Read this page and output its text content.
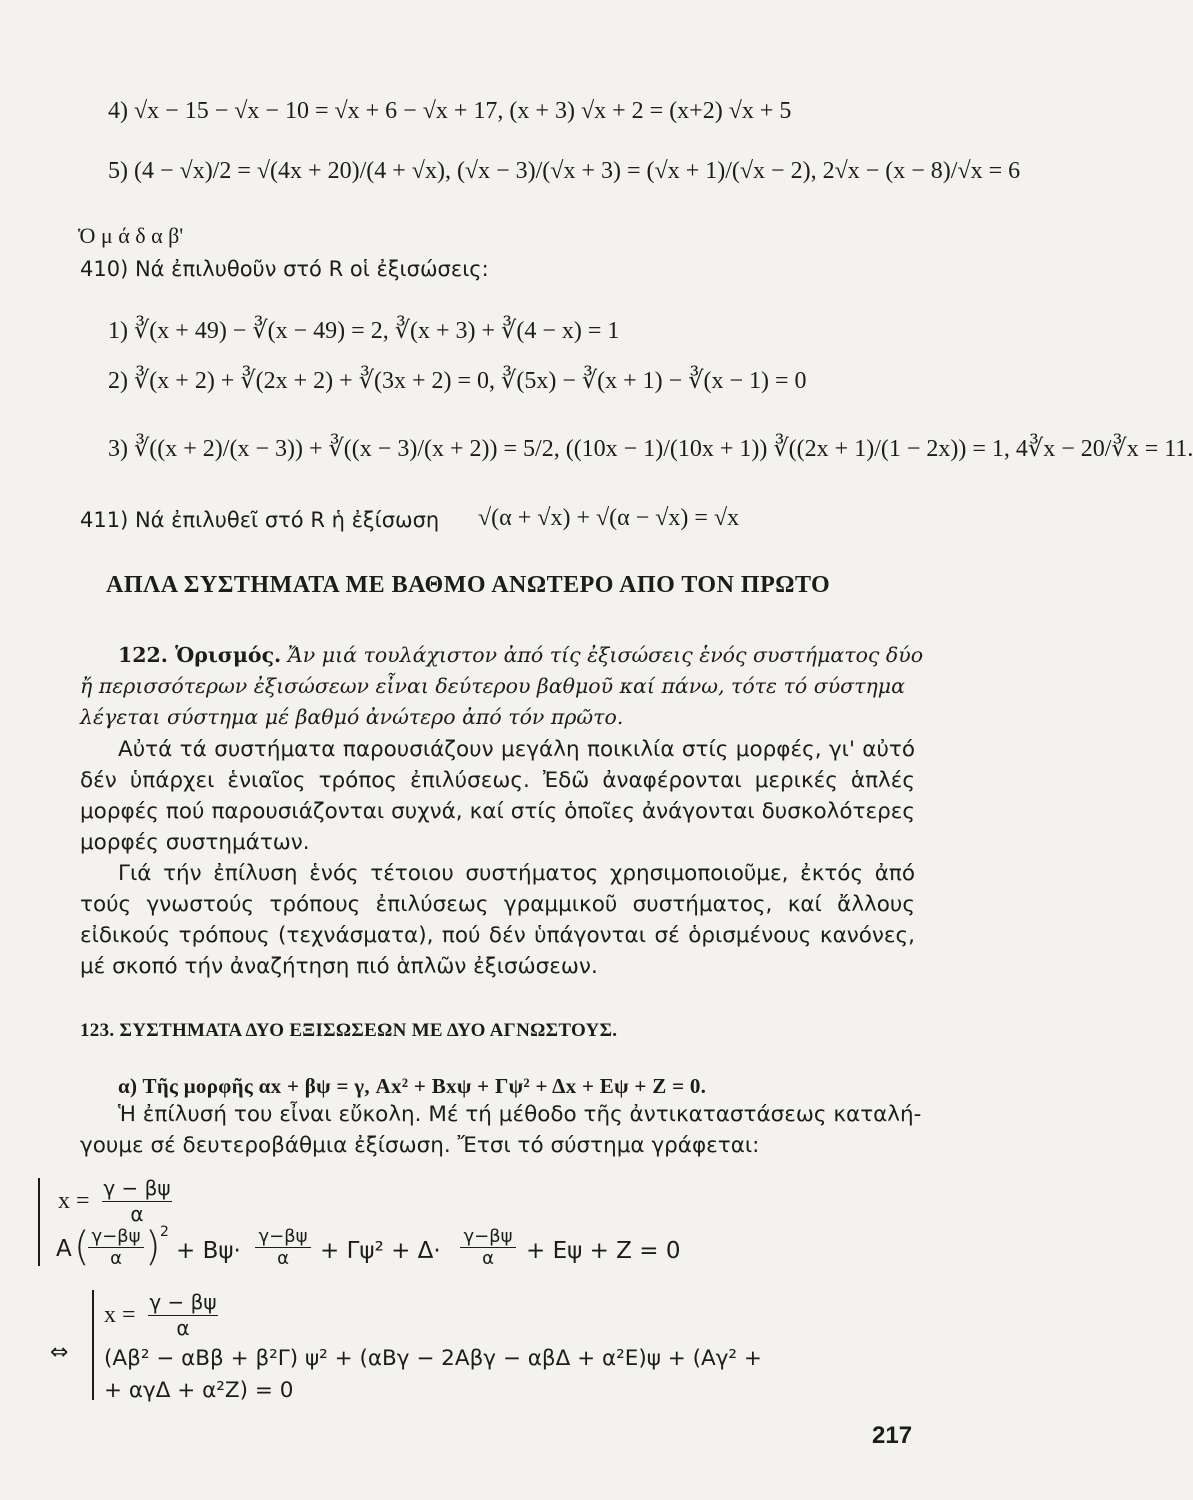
4) √x − 15 − √x − 10 = √x + 6 − √x + 17, (x + 3) √x + 2 = (x+2) √x + 5
5) (4 − √x)/2 = √(4x + 20)/(4 + √x), (√x − 3)/(√x + 3) = (√x + 1)/(√x − 2), 2√x − (x − 8)/√x = 6
Ὁ μ ά δ α β'
410) Νά ἐπιλυθοῦν στό R οἱ ἐξισώσεις:
1) ∛(x + 49) − ∛(x − 49) = 2, ∛(x + 3) + ∛(4 − x) = 1
2) ∛(x + 2) + ∛(2x + 2) + ∛(3x + 2) = 0, ∛(5x) − ∛(x + 1) − ∛(x − 1) = 0
3) ∛((x + 2)/(x − 3)) + ∛((x − 3)/(x + 2)) = 5/2, ((10x − 1)/(10x + 1)) ∛((2x + 1)/(1 − 2x)) = 1, 4∛x − 20/∛x = 11.
411) Νά ἐπιλυθεῖ στό R ἡ ἐξίσωση √(α + √x) + √(α − √x) = √x
ΑΠΛΑ ΣΥΣΤΗΜΑΤΑ ΜΕ ΒΑΘΜΟ ΑΝΩΤΕΡΟ ΑΠΟ ΤΟΝ ΠΡΩΤΟ
122. Ὁρισμός. Ἄν μιά τουλάχιστον ἀπό τίς ἐξισώσεις ἑνός συστήματος δύο
ἤ περισσότερων ἐξισώσεων εἶναι δεύτερου βαθμοῦ καί πάνω, τότε τό σύστημα
λέγεται σύστημα μέ βαθμό ἀνώτερο ἀπό τόν πρῶτο.
Αὐτά τά συστήματα παρουσιάζουν μεγάλη ποικιλία στίς μορφές, γι' αὐτό δέν ὑπάρχει ἑνιαῖος τρόπος ἐπιλύσεως. Ἐδῶ ἀναφέρονται μερικές ἁπλές μορφές πού παρουσιάζονται συχνά, καί στίς ὁποῖες ἀνάγονται δυσκολότερες μορφές συστημάτων.
Γιά τήν ἐπίλυση ἑνός τέτοιου συστήματος χρησιμοποιοῦμε, ἐκτός ἀπό τούς γνωστούς τρόπους ἐπιλύσεως γραμμικοῦ συστήματος, καί ἄλλους εἰδικούς τρόπους (τεχνάσματα), πού δέν ὑπάγονται σέ ὁρισμένους κανόνες, μέ σκοπό τήν ἀναζήτηση πιό ἁπλῶν ἐξισώσεων.
123. ΣΥΣΤΗΜΑΤΑ ΔΥΟ ΕΞΙΣΩΣΕΩΝ ΜΕ ΔΥΟ ΑΓΝΩΣΤΟΥΣ.
α) Τῆς μορφῆς αx + βψ = γ, Ax² + Bxψ + Γψ² + Δx + Eψ + Z = 0.
Ἡ ἐπίλυσή του εἶναι εὔκολη. Μέ τή μέθοδο τῆς ἀντικαταστάσεως καταλή-
γουμε σέ δευτεροβάθμια ἐξίσωση. Ἔτσι τό σύστημα γράφεται:
$x = \frac{\gamma - \beta\psi}{\alpha}$
A (
$\frac{\gamma-\beta\psi}{\alpha}$ ) 2
+ $B\psi\cdot \frac{\gamma-\beta\psi}{\alpha} + \Gamma\psi^2 + \Delta\cdot \frac{\gamma-\beta\psi}{\alpha} + E\psi + Z = 0$
⇔
$x = \frac{\gamma - \beta\psi}{\alpha}$
(Aβ² − αBβ + β²Γ) ψ² + (αBγ − 2Aβγ − αβΔ + α²E)ψ + (Aγ² +
+ αγΔ + α²Z) = 0
217
